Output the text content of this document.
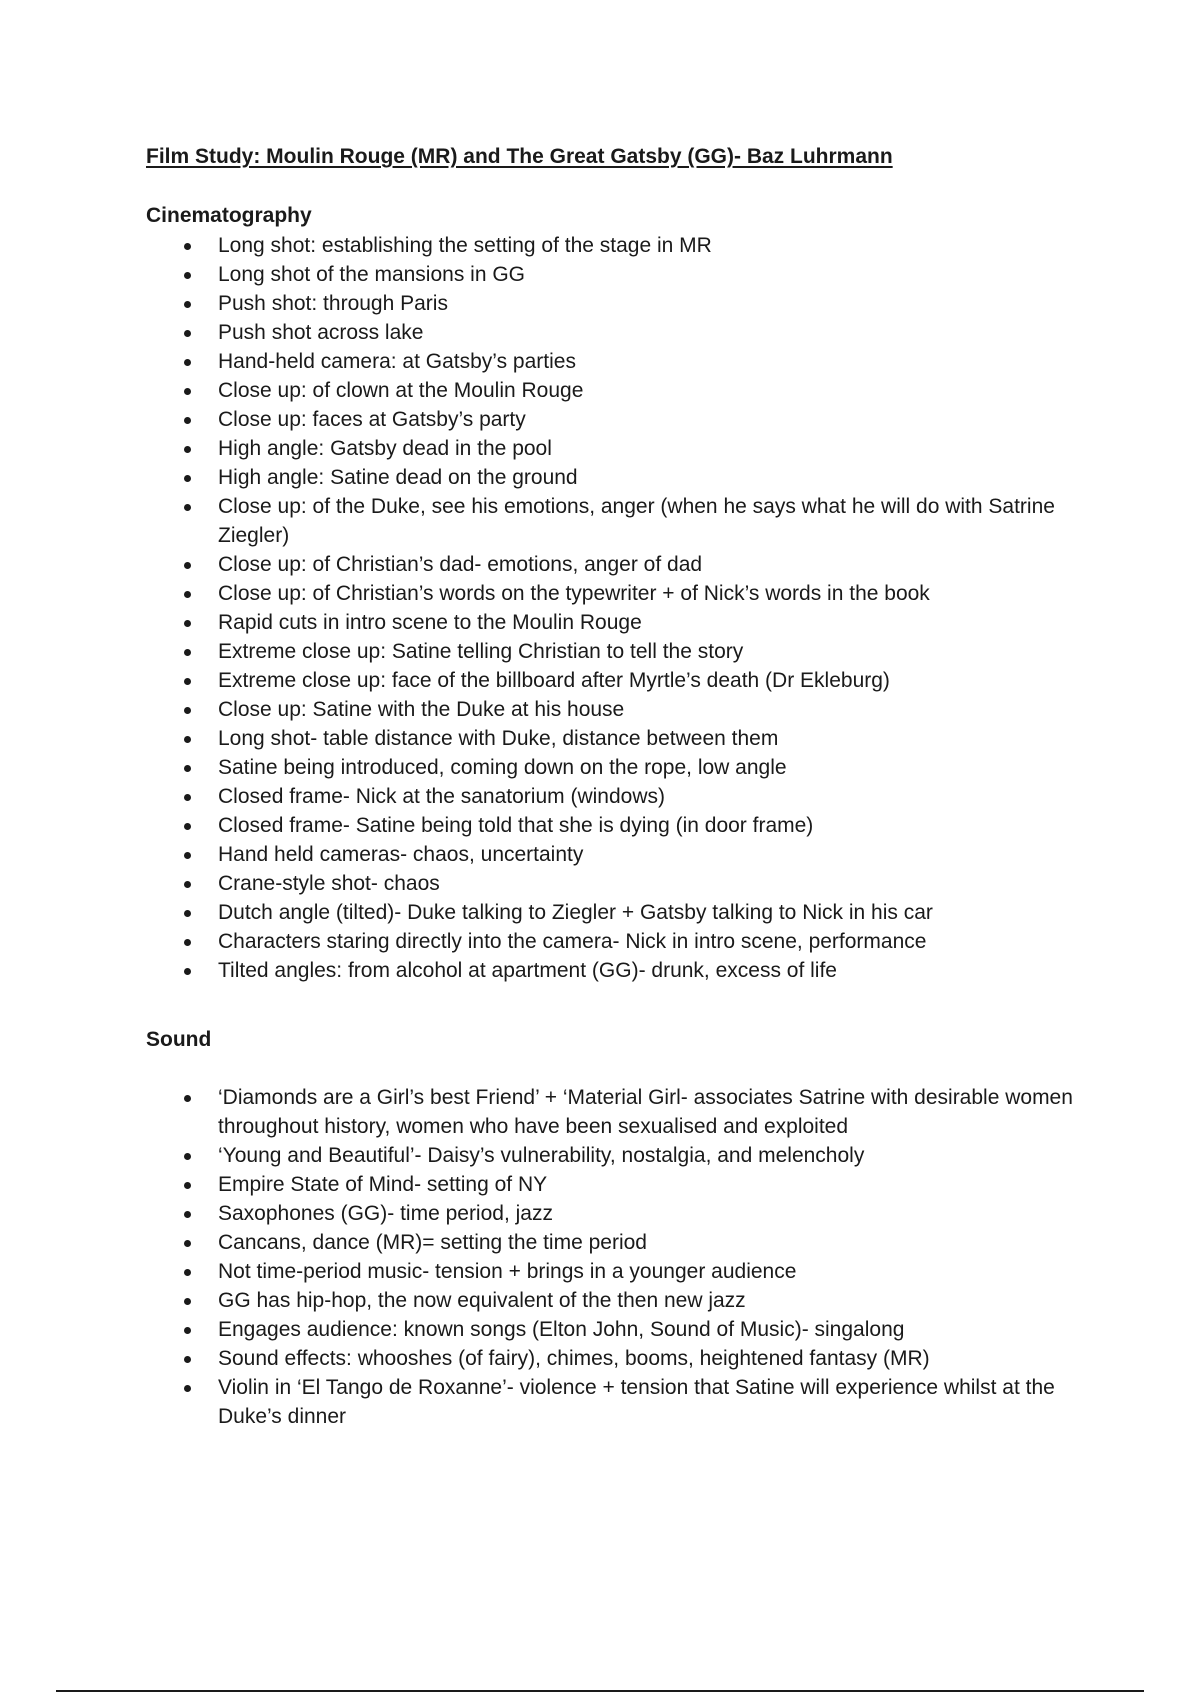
Film Study: Moulin Rouge (MR) and The Great Gatsby (GG)- Baz Luhrmann
Cinematography
Long shot: establishing the setting of the stage in MR
Long shot of the mansions in GG
Push shot: through Paris
Push shot across lake
Hand-held camera: at Gatsby’s parties
Close up: of clown at the Moulin Rouge
Close up: faces at Gatsby’s party
High angle: Gatsby dead in the pool
High angle: Satine dead on the ground
Close up: of the Duke, see his emotions, anger (when he says what he will do with Satrine Ziegler)
Close up: of Christian’s dad- emotions, anger of dad
Close up: of Christian’s words on the typewriter + of Nick’s words in the book
Rapid cuts in intro scene to the Moulin Rouge
Extreme close up: Satine telling Christian to tell the story
Extreme close up: face of the billboard after Myrtle’s death (Dr Ekleburg)
Close up: Satine with the Duke at his house
Long shot- table distance with Duke, distance between them
Satine being introduced, coming down on the rope, low angle
Closed frame- Nick at the sanatorium (windows)
Closed frame- Satine being told that she is dying (in door frame)
Hand held cameras- chaos, uncertainty
Crane-style shot- chaos
Dutch angle (tilted)- Duke talking to Ziegler + Gatsby talking to Nick in his car
Characters staring directly into the camera- Nick in intro scene, performance
Tilted angles: from alcohol at apartment (GG)- drunk, excess of life
Sound
‘Diamonds are a Girl’s best Friend’ + ‘Material Girl- associates Satrine with desirable women throughout history, women who have been sexualised and exploited
‘Young and Beautiful’- Daisy’s vulnerability, nostalgia, and melencholy
Empire State of Mind- setting of NY
Saxophones (GG)- time period, jazz
Cancans, dance (MR)= setting the time period
Not time-period music- tension + brings in a younger audience
GG has hip-hop, the now equivalent of the then new jazz
Engages audience: known songs (Elton John, Sound of Music)- singalong
Sound effects: whooshes (of fairy), chimes, booms, heightened fantasy (MR)
Violin in ‘El Tango de Roxanne’- violence + tension that Satine will experience whilst at the Duke’s dinner
